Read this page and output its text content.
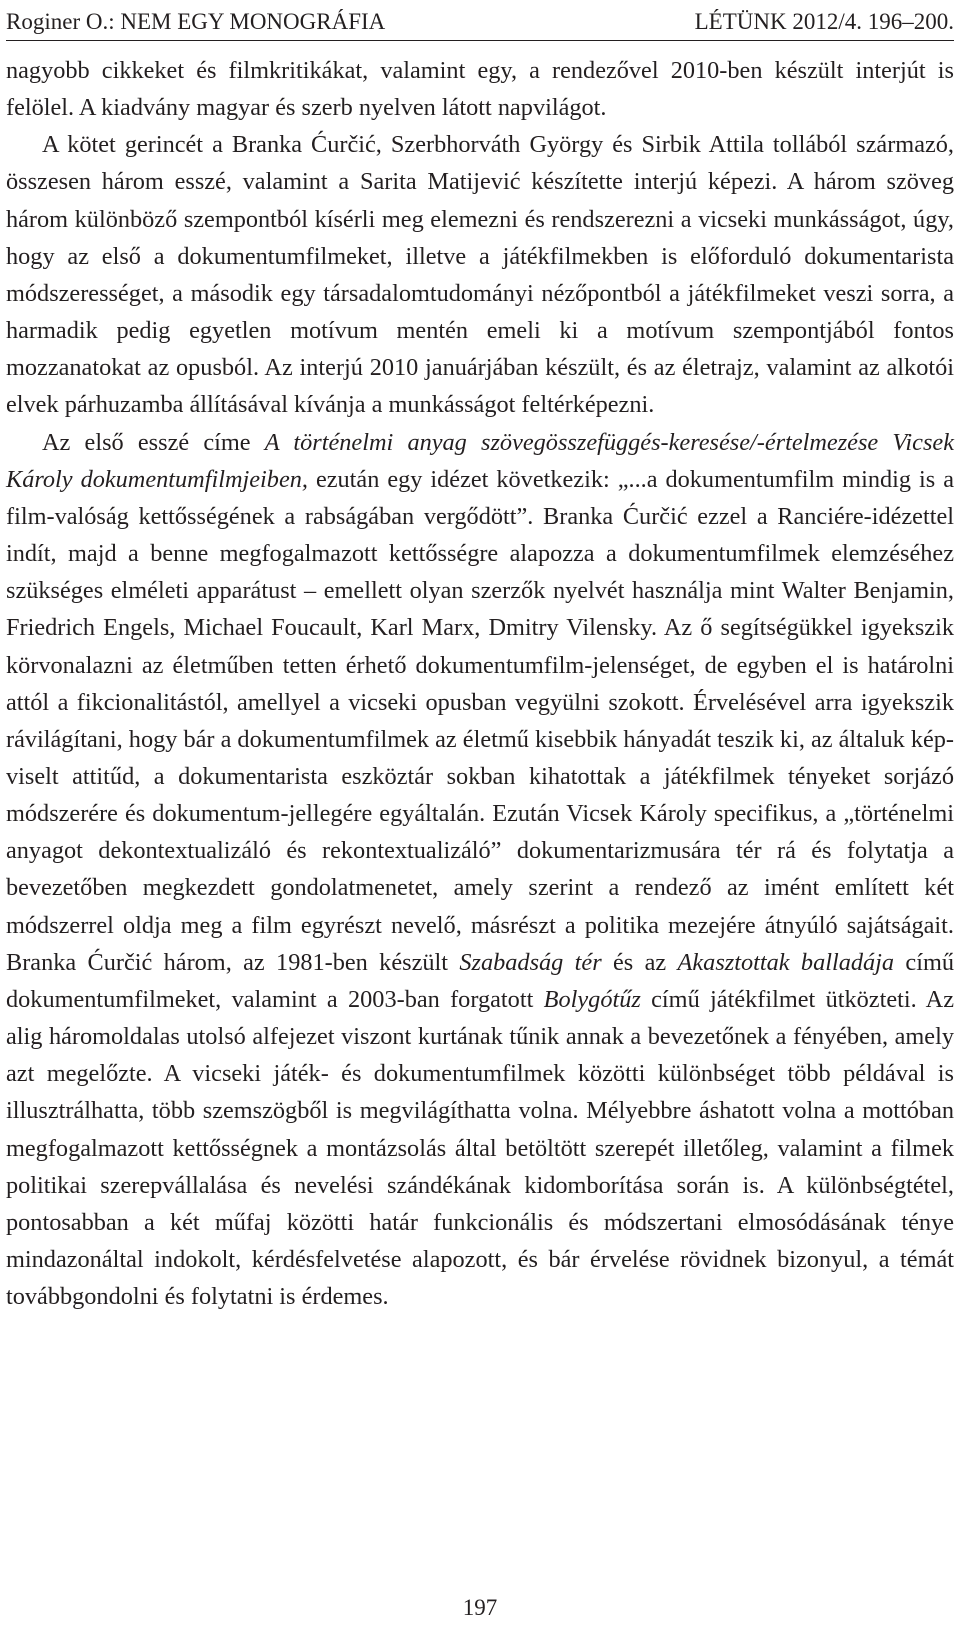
Roginer O.: NEM EGY MONOGRÁFIA	LÉTÜNK 2012/4. 196–200.

nagyobb cikkeket és filmkritikákat, valamint egy, a rendezővel 2010-ben készült interjút is felölel. A kiadvány magyar és szerb nyelven látott napvilágot.

A kötet gerincét a Branka Ćurčić, Szerbhorváth György és Sirbik Attila tollából származó, összesen három esszé, valamint a Sarita Matijević készítette interjú képezi. A három szöveg három különböző szempontból kísérli meg elemezni és rendszerezni a vicseki munkásságot, úgy, hogy az első a dokumentumfilmeket, illetve a játékfilmekben is előforduló dokumentarista módszerességet, a második egy társadalomtudományi nézőpontból a játékfilmeket veszi sorra, a harmadik pedig egyetlen motívum mentén emeli ki a motívum szempontjából fontos mozzanatokat az opusból. Az interjú 2010 januárjában készült, és az életrajz, valamint az alkotói elvek párhuzamba állításával kívánja a munkásságot feltérképezni.

Az első esszé címe A történelmi anyag szövegösszefüggés-keresése/-értelmezése Vicsek Károly dokumentumfilmjeiben, ezután egy idézet következik: „...a dokumentumfilm mindig is a film-valóság kettősségének a rabságában vergődött”. Branka Ćurčić ezzel a Ranciére-idézettel indít, majd a benne megfogalmazott kettősségre alapozza a dokumentumfilmek elemzéséhez szükséges elméleti apparátust – emellett olyan szerzők nyelvét használja mint Walter Benjamin, Friedrich Engels, Michael Foucault, Karl Marx, Dmitry Vilensky. Az ő segítségükkel igyekszik körvonalazni az életműben tetten érhető dokumentumfilm-jelenséget, de egyben el is határolni attól a fikcionalitástól, amellyel a vicseki opusban vegyülni szokott. Érvelésével arra igyekszik rávilágítani, hogy bár a dokumentumfilmek az életmű kisebbik hányadát teszik ki, az általuk képviselt attitűd, a dokumentarista eszköztár sokban kihatottak a játékfilmek tényeket sorjázó módszerére és dokumentum-jellegére egyáltalán. Ezután Vicsek Károly specifikus, a „történelmi anyagot dekontextualizáló és rekontextualizáló” dokumentarizmusára tér rá és folytatja a bevezetőben megkezdett gondolatmenetet, amely szerint a rendező az imént említett két módszerrel oldja meg a film egyrészt nevelő, másrészt a politika mezejére átnyúló sajátságait. Branka Ćurčić három, az 1981-ben készült Szabadság tér és az Akasztottak balladája című dokumentumfilmeket, valamint a 2003-ban forgatott Bolygótűz című játékfilmet ütközteti. Az alig háromoldalas utolsó alfejezet viszont kurtának tűnik annak a bevezetőnek a fényében, amely azt megelőzte. A vicseki játék- és dokumentumfilmek közötti különbséget több példával is illusztrálhatta, több szemszögből is megvilágíthatta volna. Mélyebbre áshatott volna a mottóban megfogalmazott kettősségnek a montázsolás által betöltött szerepét illetőleg, valamint a filmek politikai szerepvállalása és nevelési szándékának kidomborítása során is. A különbségtétel, pontosabban a két műfaj közötti határ funkcionális és módszertani elmosódásának ténye mindazonáltal indokolt, kérdésfelvetése alapozott, és bár érvelése rövidnek bizonyul, a témát továbbgondolni és folytatni is érdemes.

197
